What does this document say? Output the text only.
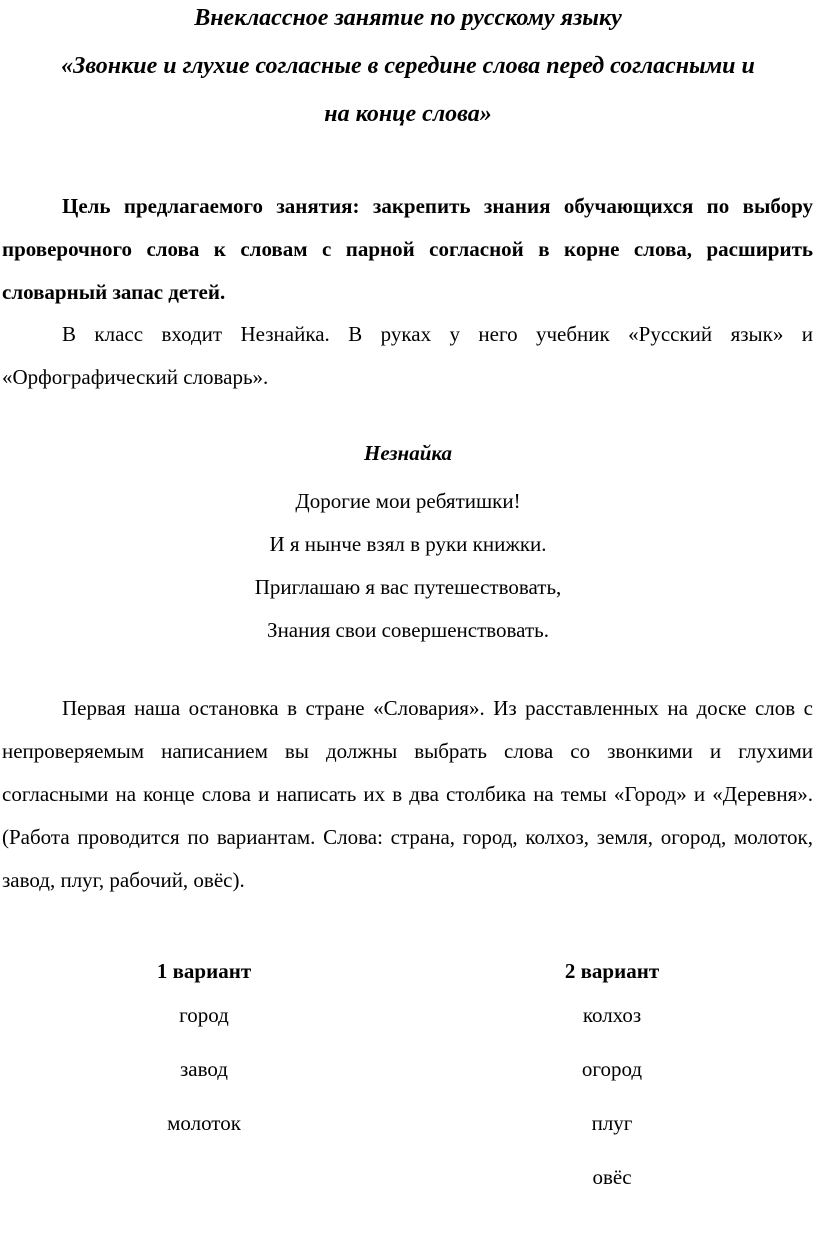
Внеклассное занятие по русскому языку
«Звонкие и глухие согласные в середине слова перед согласными и
на конце слова»

Цель предлагаемого занятия: закрепить знания обучающихся по выбору проверочного слова к словам с парной согласной в корне слова, расширить словарный запас детей.

В класс входит Незнайка. В руках у него учебник «Русский язык» и «Орфографический словарь».

Незнайка
Дорогие мои ребятишки!
И я нынче взял в руки книжки.
Приглашаю я вас путешествовать,
Знания свои совершенствовать.

Первая наша остановка в стране «Словария». Из расставленных на доске слов с непроверяемым написанием вы должны выбрать слова со звонкими и глухими согласными на конце слова и написать их в два столбика на темы «Город» и «Деревня». (Работа проводится по вариантам. Слова: страна, город, колхоз, земля, огород, молоток, завод, плуг, рабочий, овёс).

1 вариант
город
завод
молоток
2 вариант
колхоз
огород
плуг
овёс
